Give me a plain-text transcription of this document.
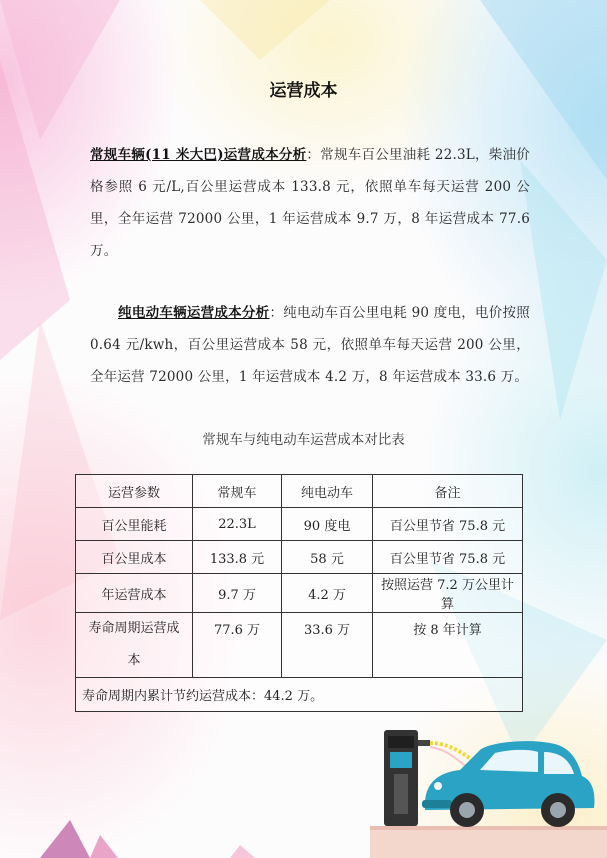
运营成本
常规车辆(11 米大巴)运营成本分析：常规车百公里油耗 22.3L，柴油价格参照 6 元/L,百公里运营成本 133.8 元，依照单车每天运营 200 公里，全年运营 72000 公里，1 年运营成本 9.7 万，8 年运营成本 77.6 万。
纯电动车辆运营成本分析：纯电动车百公里电耗 90 度电，电价按照 0.64 元/kwh，百公里运营成本 58 元，依照单车每天运营 200 公里，全年运营 72000 公里，1 年运营成本 4.2 万，8 年运营成本 33.6 万。
常规车与纯电动车运营成本对比表
运营参数	常规车	纯电动车	备注
百公里能耗	22.3L	90 度电	百公里节省 75.8 元
百公里成本	133.8 元	58 元	百公里节省 75.8 元
年运营成本	9.7 万	4.2 万	按照运营 7.2 万公里计算
寿命周期运营成本	77.6 万	33.6 万	按 8 年计算
寿命周期内累计节约运营成本：44.2 万。			
